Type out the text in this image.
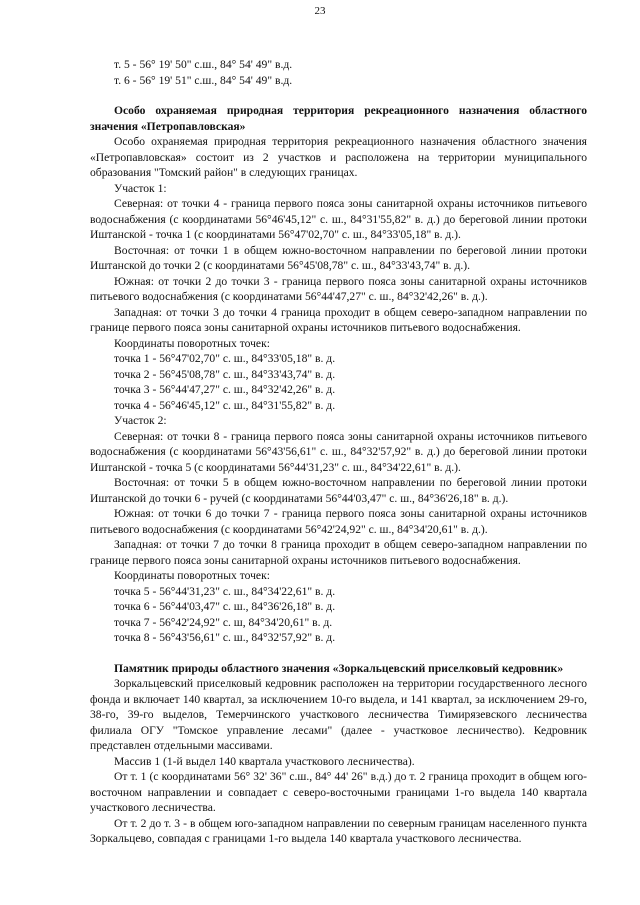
23

т. 5 - 56° 19' 50" с.ш., 84° 54' 49" в.д.

т. 6 - 56° 19' 51" с.ш., 84° 54' 49" в.д.

Особо охраняемая природная территория рекреационного назначения областного значения «Петропавловская»

Особо охраняемая природная территория рекреационного назначения областного значения «Петропавловская» состоит из 2 участков и расположена на территории муниципального образования "Томский район" в следующих границах.

Участок 1:

Северная: от точки 4 - граница первого пояса зоны санитарной охраны источников питьевого водоснабжения (с координатами 56°46'45,12" с. ш., 84°31'55,82" в. д.) до береговой линии протоки Иштанской - точка 1 (с координатами 56°47'02,70" с. ш., 84°33'05,18" в. д.).

Восточная: от точки 1 в общем южно-восточном направлении по береговой линии протоки Иштанской до точки 2 (с координатами 56°45'08,78" с. ш., 84°33'43,74" в. д.).

Южная: от точки 2 до точки 3 - граница первого пояса зоны санитарной охраны источников питьевого водоснабжения (с координатами 56°44'47,27" с. ш., 84°32'42,26" в. д.).

Западная: от точки 3 до точки 4 граница проходит в общем северо-западном направлении по границе первого пояса зоны санитарной охраны источников питьевого водоснабжения.

Координаты поворотных точек:

точка 1 - 56°47'02,70" с. ш., 84°33'05,18" в. д.

точка 2 - 56°45'08,78" с. ш., 84°33'43,74" в. д.

точка 3 - 56°44'47,27" с. ш., 84°32'42,26" в. д.

точка 4 - 56°46'45,12" с. ш., 84°31'55,82" в. д.

Участок 2:

Северная: от точки 8 - граница первого пояса зоны санитарной охраны источников питьевого водоснабжения (с координатами 56°43'56,61" с. ш., 84°32'57,92" в. д.) до береговой линии протоки Иштанской - точка 5 (с координатами 56°44'31,23" с. ш., 84°34'22,61" в. д.).

Восточная: от точки 5 в общем южно-восточном направлении по береговой линии протоки Иштанской до точки 6 - ручей (с координатами 56°44'03,47" с. ш., 84°36'26,18" в. д.).

Южная: от точки 6 до точки 7 - граница первого пояса зоны санитарной охраны источников питьевого водоснабжения (с координатами 56°42'24,92" с. ш., 84°34'20,61" в. д.).

Западная: от точки 7 до точки 8 граница проходит в общем северо-западном направлении по границе первого пояса зоны санитарной охраны источников питьевого водоснабжения.

Координаты поворотных точек:

точка 5 - 56°44'31,23" с. ш., 84°34'22,61" в. д.

точка 6 - 56°44'03,47" с. ш., 84°36'26,18" в. д.

точка 7 - 56°42'24,92" с. ш, 84°34'20,61" в. д.

точка 8 - 56°43'56,61" с. ш., 84°32'57,92" в. д.

Памятник природы областного значения «Зоркальцевский приселковый кедровник»

Зоркальцевский приселковый кедровник расположен на территории государственного лесного фонда и включает 140 квартал, за исключением 10-го выдела, и 141 квартал, за исключением 29-го, 38-го, 39-го выделов, Темерчинского участкового лесничества Тимирязевского лесничества филиала ОГУ "Томское управление лесами" (далее - участковое лесничество). Кедровник представлен отдельными массивами.

Массив 1 (1-й выдел 140 квартала участкового лесничества).

От т. 1 (с координатами 56° 32' 36" с.ш., 84° 44' 26" в.д.) до т. 2 граница проходит в общем юго-восточном направлении и совпадает с северо-восточными границами 1-го выдела 140 квартала участкового лесничества.

От т. 2 до т. 3 - в общем юго-западном направлении по северным границам населенного пункта Зоркальцево, совпадая с границами 1-го выдела 140 квартала участкового лесничества.
